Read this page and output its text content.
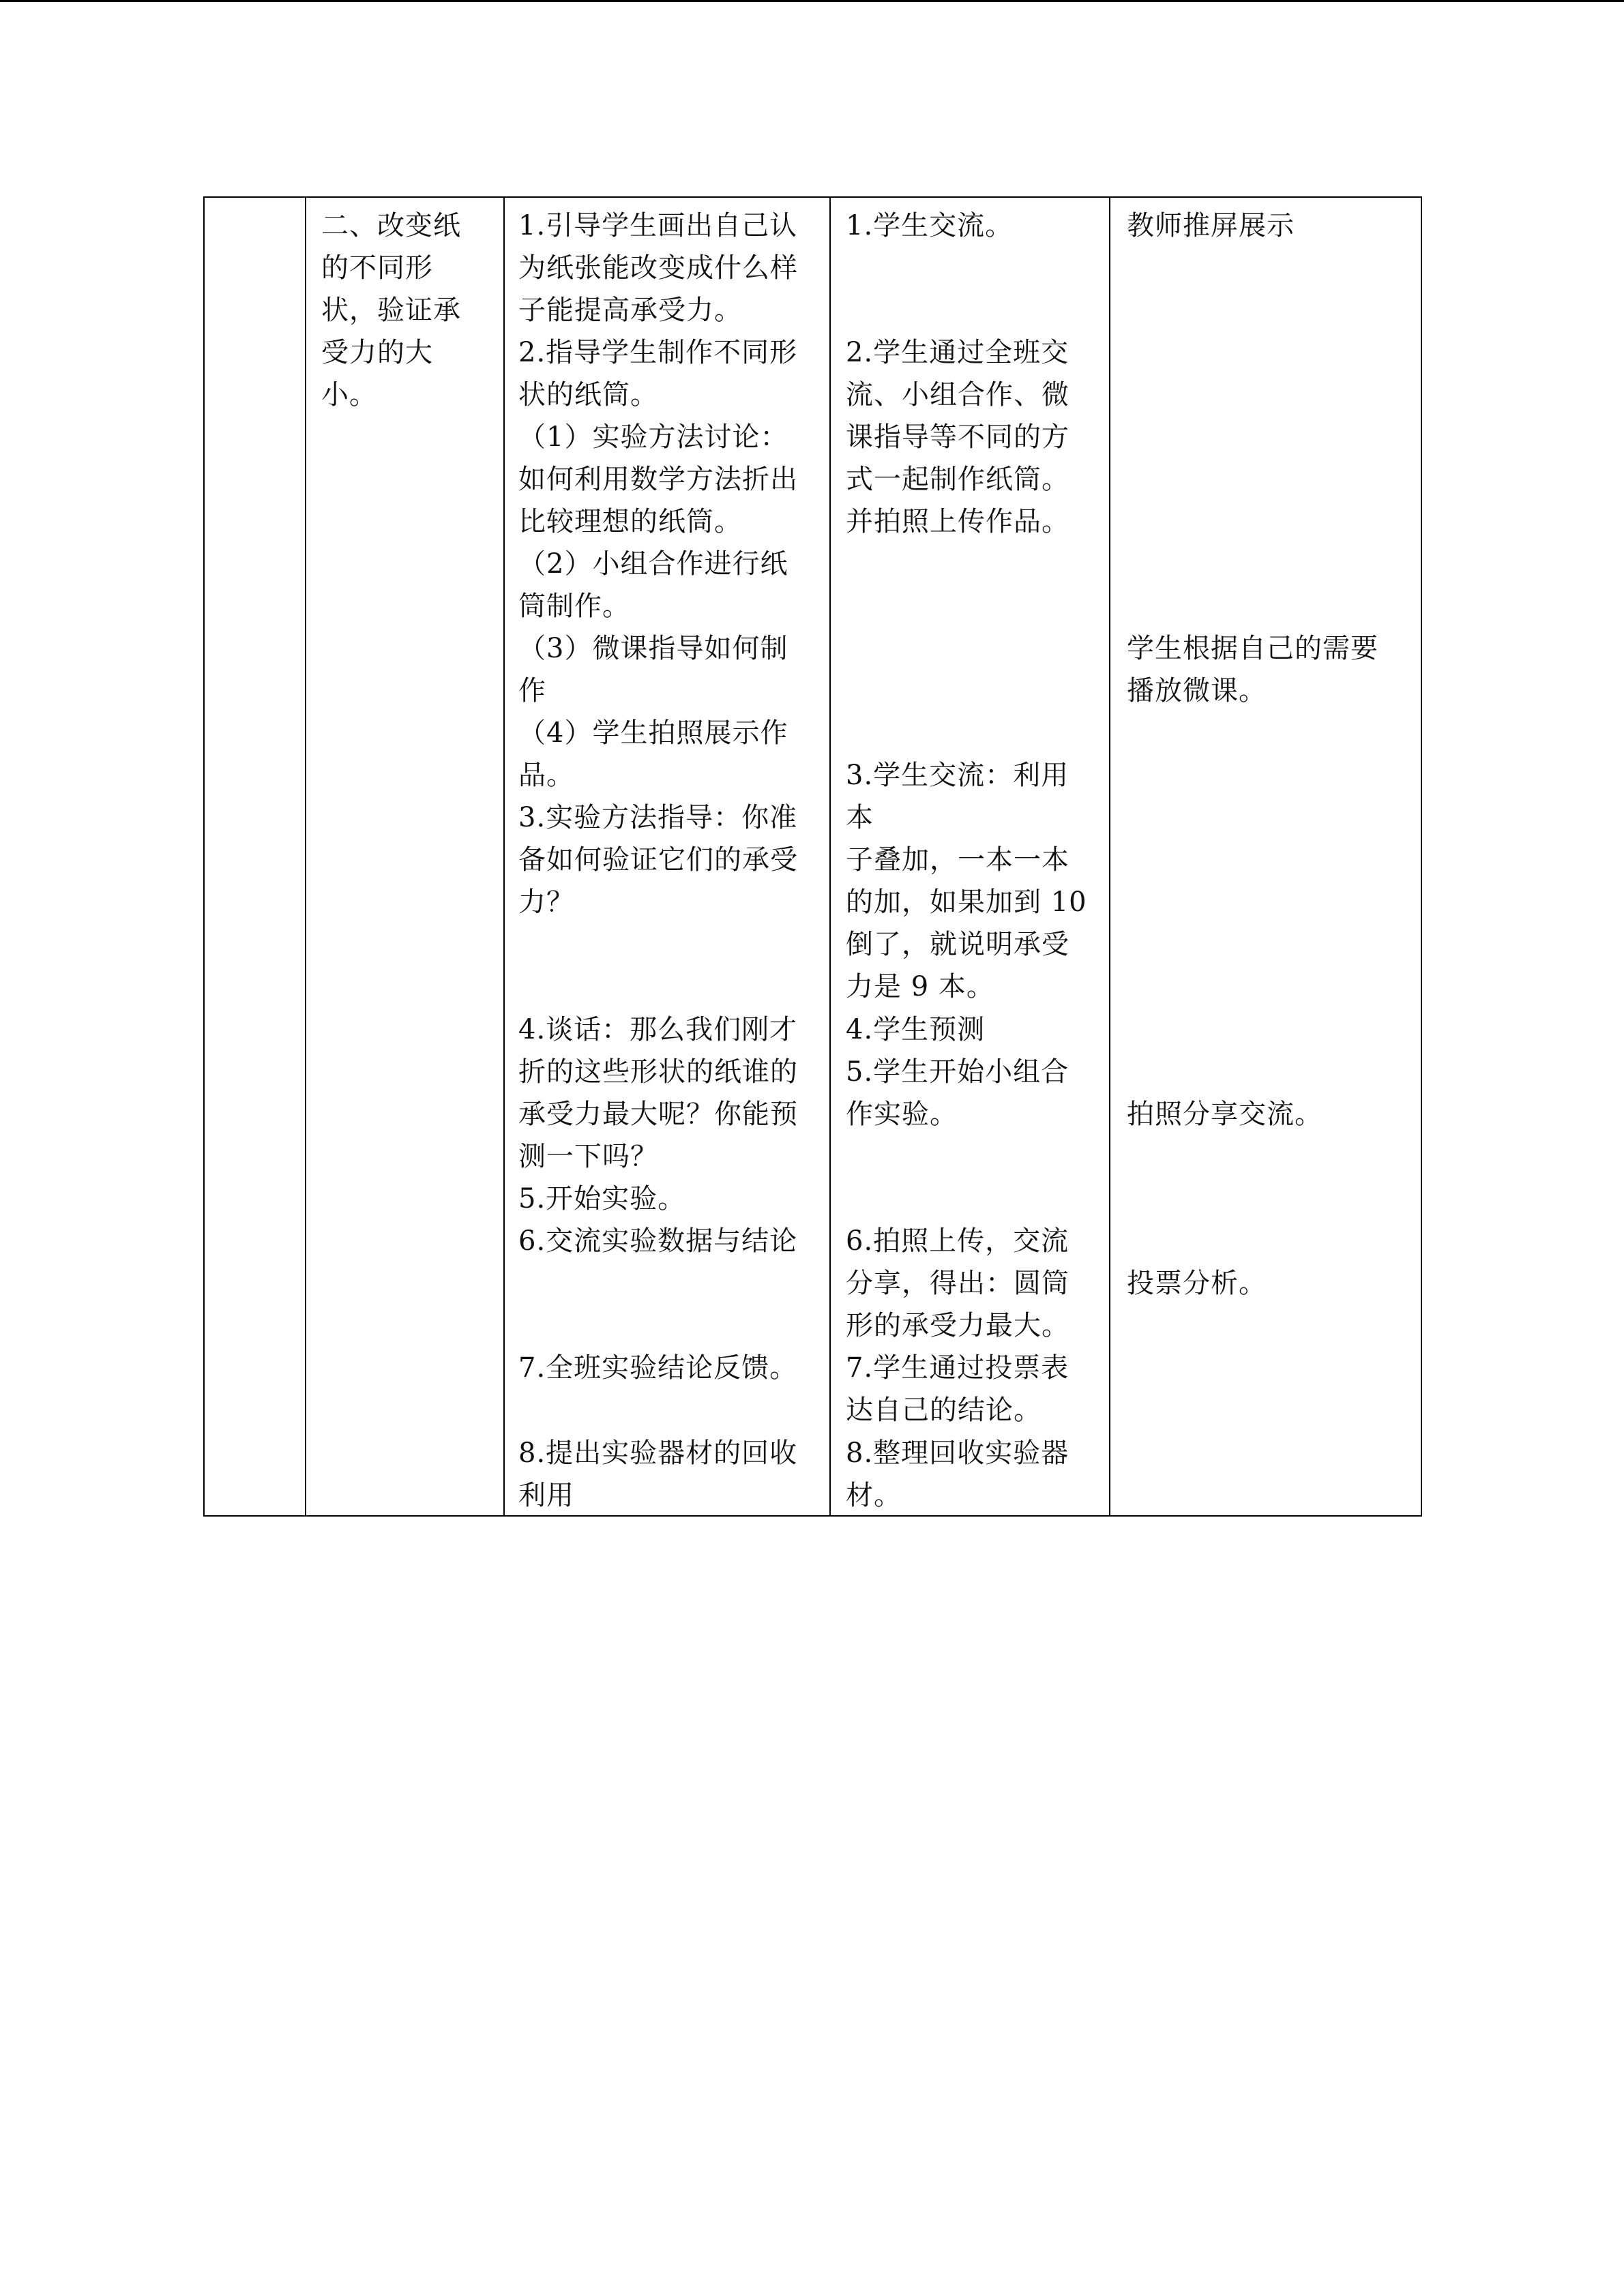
二、改变纸
的不同形
状，验证承
受力的大
小。
1.引导学生画出自己认
为纸张能改变成什么样
子能提高承受力。
2.指导学生制作不同形
状的纸筒。
（1）实验方法讨论：
如何利用数学方法折出
比较理想的纸筒。
（2）小组合作进行纸
筒制作。
（3）微课指导如何制
作
（4）学生拍照展示作
品。
3.实验方法指导：你准
备如何验证它们的承受
力？
4.谈话：那么我们刚才
折的这些形状的纸谁的
承受力最大呢？你能预
测一下吗？
5.开始实验。
6.交流实验数据与结论
7.全班实验结论反馈。
8.提出实验器材的回收
利用
1.学生交流。
2.学生通过全班交
流、小组合作、微
课指导等不同的方
式一起制作纸筒。
并拍照上传作品。
3.学生交流：利用
本
子叠加，一本一本
的加，如果加到 10
倒了，就说明承受
力是 9 本。
4.学生预测
5.学生开始小组合
作实验。
6.拍照上传，交流
分享，得出：圆筒
形的承受力最大。
7.学生通过投票表
达自己的结论。
8.整理回收实验器
材。
教师推屏展示
学生根据自己的需要
播放微课。
拍照分享交流。
投票分析。
